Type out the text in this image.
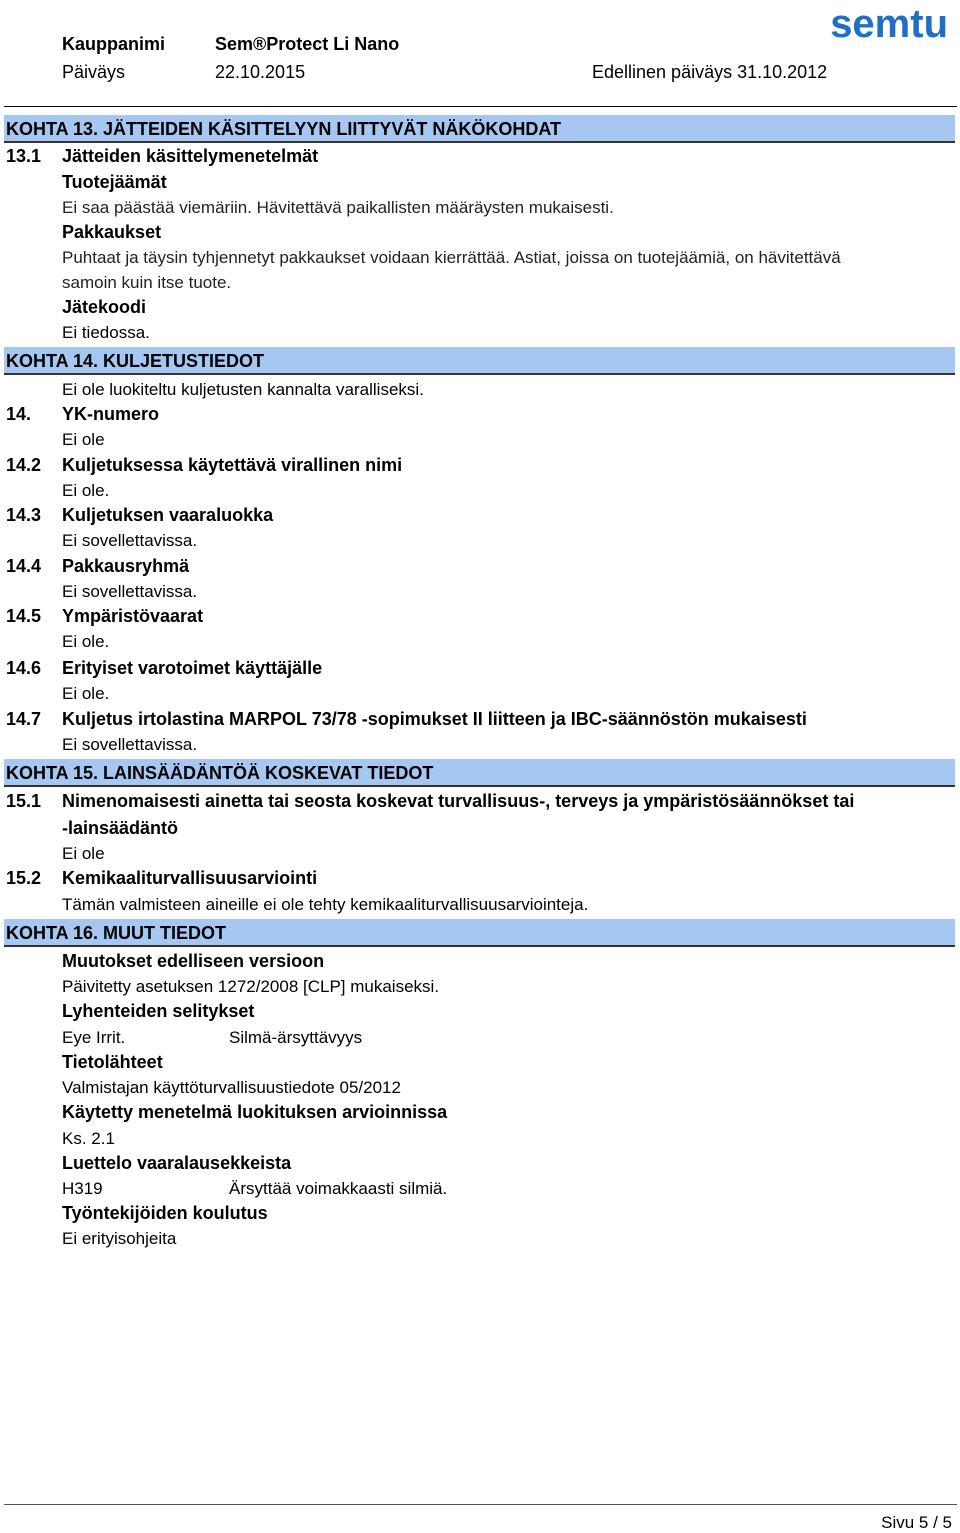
Kauppanimi	Sem®Protect Li Nano
Päiväys	22.10.2015	Edellinen päiväys 31.10.2012
semtu
KOHTA 13. JÄTTEIDEN KÄSITTELYYN LIITTYVÄT NÄKÖKOHDAT
13.1 Jätteiden käsittelymenetelmät
Tuotejäämät
Ei saa päästää viemäriin. Hävitettävä paikallisten määräysten mukaisesti.
Pakkaukset
Puhtaat ja täysin tyhjennetyt pakkaukset voidaan kierrättää. Astiat, joissa on tuotejäämiä, on hävitettävä
samoin kuin itse tuote.
Jätekoodi
Ei tiedossa.
KOHTA 14. KULJETUSTIEDOT
Ei ole luokiteltu kuljetusten kannalta varalliseksi.
14. YK-numero
Ei ole
14.2 Kuljetuksessa käytettävä virallinen nimi
Ei ole.
14.3 Kuljetuksen vaaraluokka
Ei sovellettavissa.
14.4 Pakkausryhmä
Ei sovellettavissa.
14.5 Ympäristövaarat
Ei ole.
14.6 Erityiset varotoimet käyttäjälle
Ei ole.
14.7 Kuljetus irtolastina MARPOL 73/78 -sopimukset II liitteen ja IBC-säännöstön mukaisesti
Ei sovellettavissa.
KOHTA 15. LAINSÄÄDÄNTÖÄ KOSKEVAT TIEDOT
15.1 Nimenomaisesti ainetta tai seosta koskevat turvallisuus-, terveys ja ympäristösäännökset tai
-lainsäädäntö
Ei ole
15.2 Kemikaaliturvallisuusarviointi
Tämän valmisteen aineille ei ole tehty kemikaaliturvallisuusarviointeja.
KOHTA 16. MUUT TIEDOT
Muutokset edelliseen versioon
Päivitetty asetuksen 1272/2008 [CLP] mukaiseksi.
Lyhenteiden selitykset
Eye Irrit.	Silmä-ärsyttävyys
Tietolähteet
Valmistajan käyttöturvallisuustiedote 05/2012
Käytetty menetelmä luokituksen arvioinnissa
Ks. 2.1
Luettelo vaaralausekkeista
H319	Ärsyttää voimakkaasti silmiä.
Työntekijöiden koulutus
Ei erityisohjeita
Sivu 5 / 5
